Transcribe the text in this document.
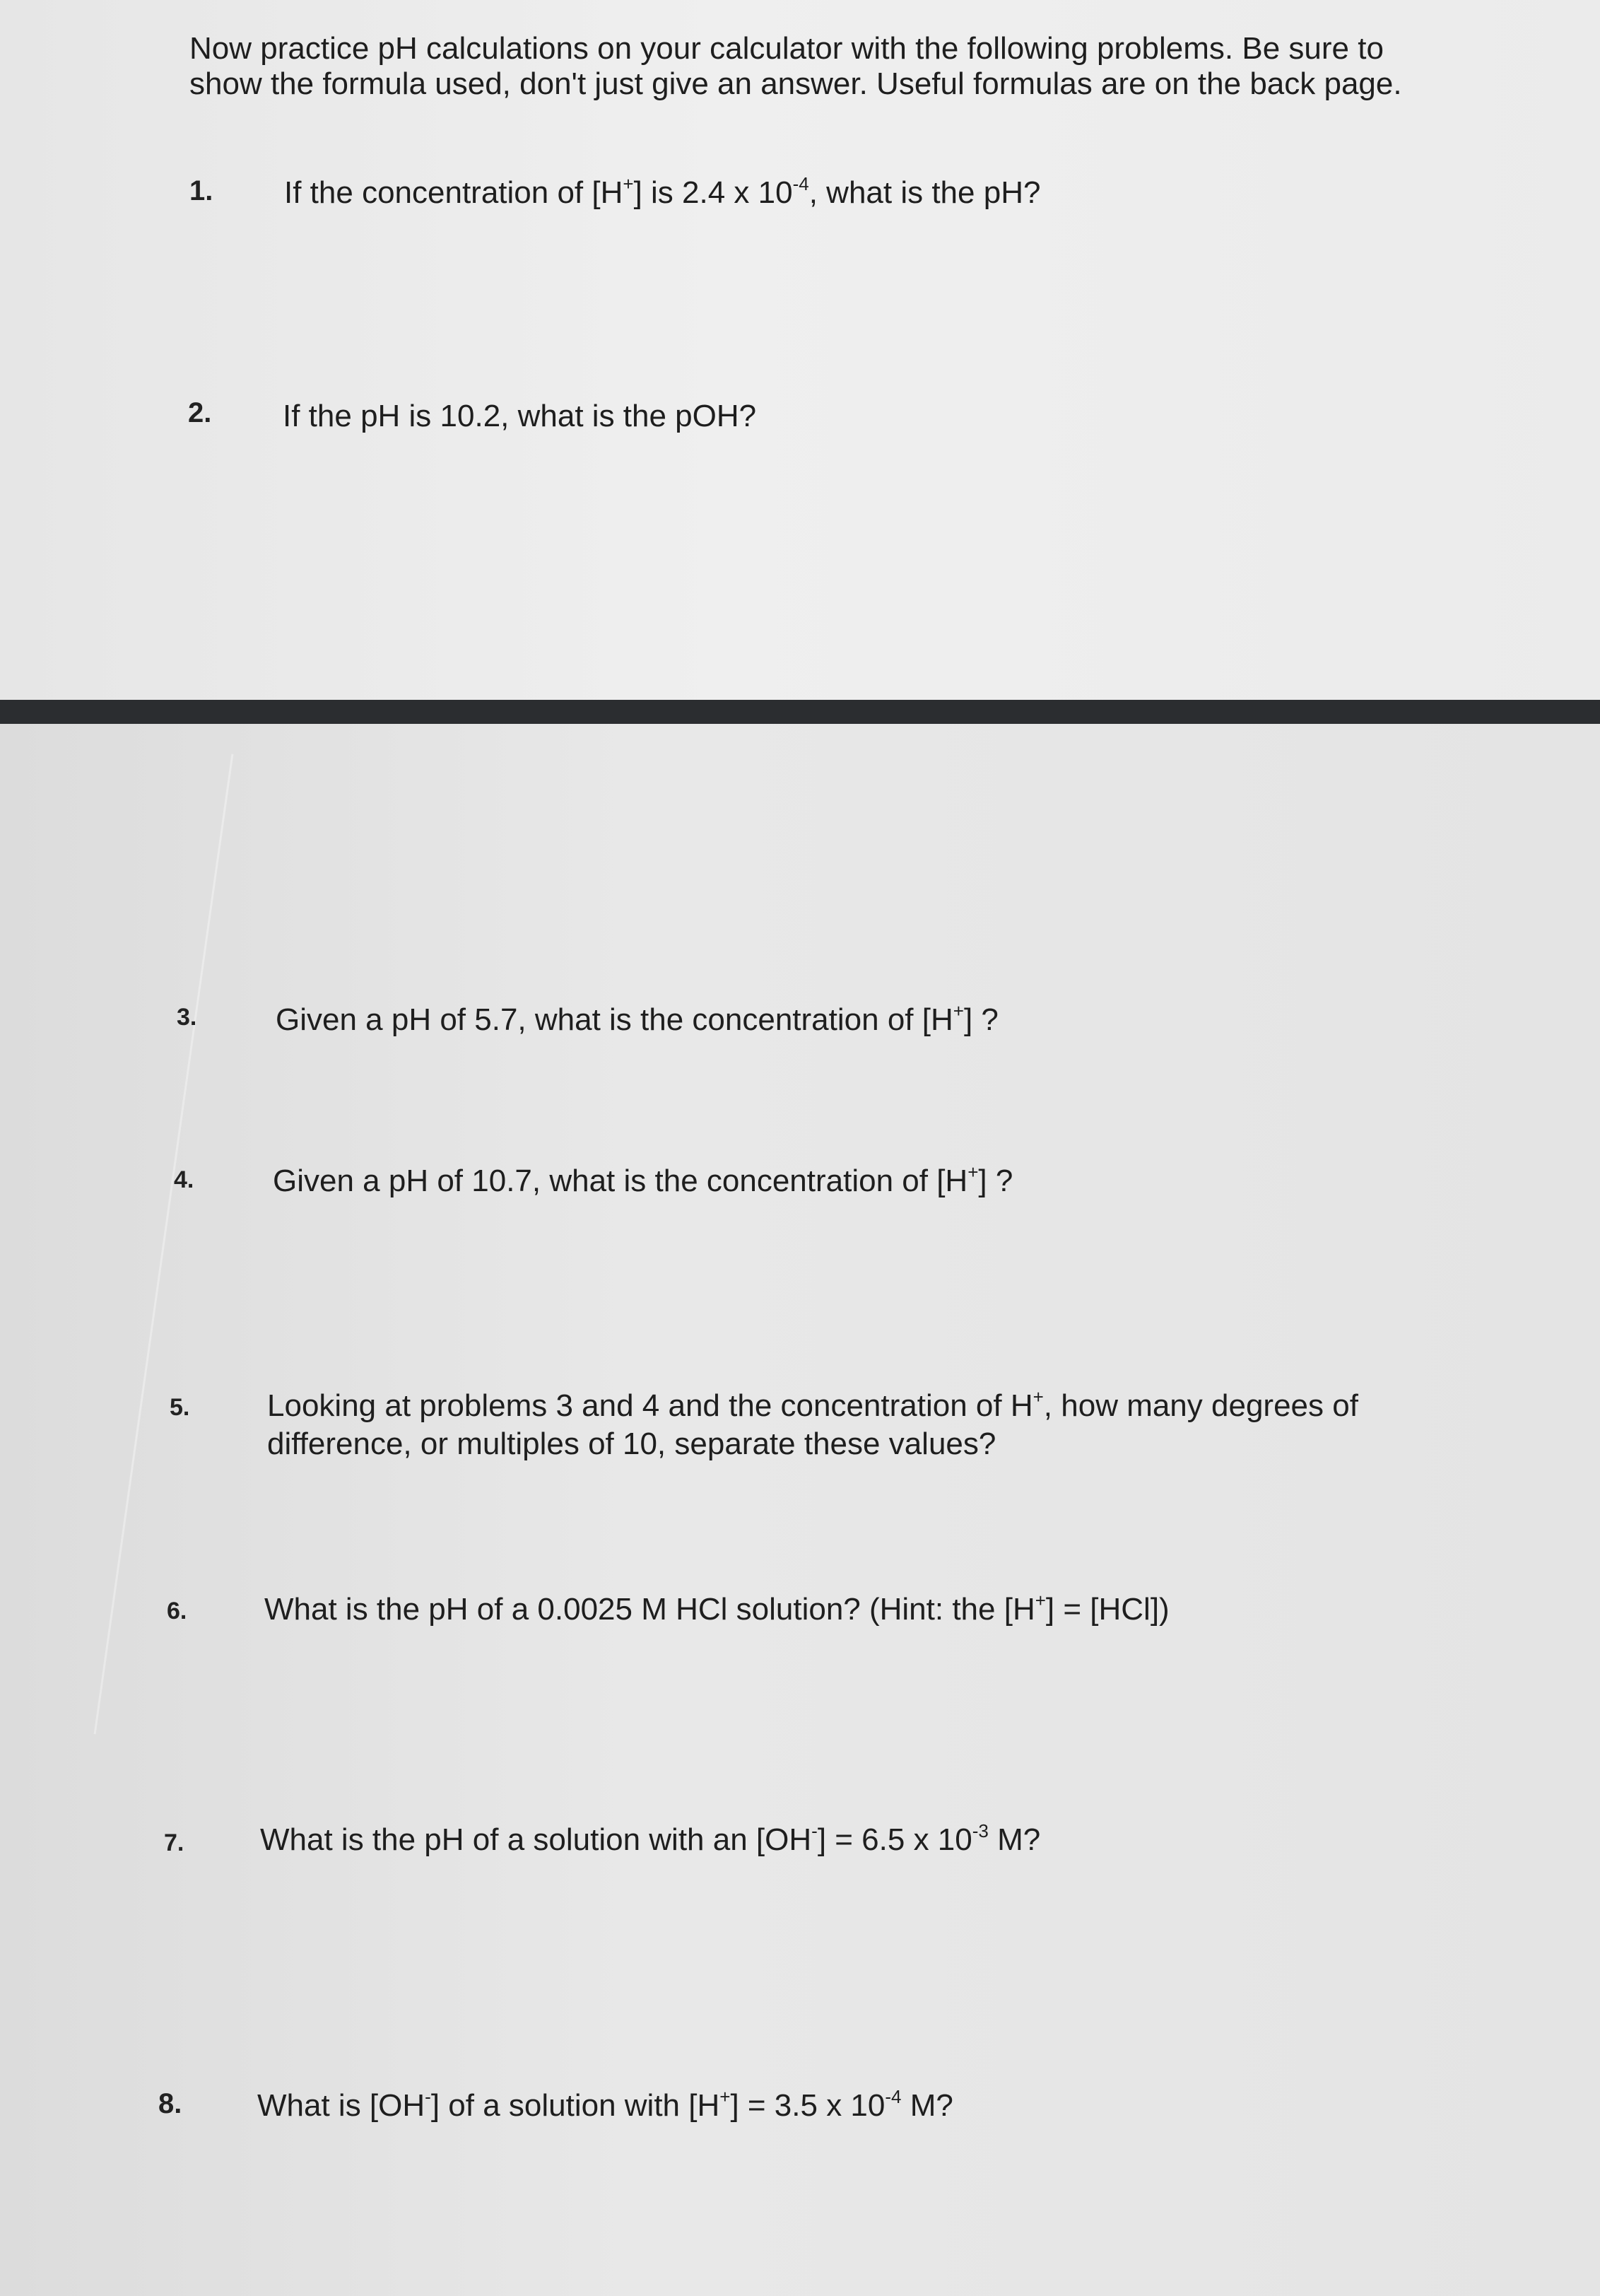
Now practice pH calculations on your calculator with the following problems. Be sure to show the formula used, don't just give an answer. Useful formulas are on the back page.
1. If the concentration of [H+] is 2.4 x $10^{-4}$, what is the pH?
2. If the pH is 10.2, what is the pOH?
3.	Given a pH of 5.7, what is the concentration of [H+] ?
4.	Given a pH of 10.7, what is the concentration of [H+] ?
5. Looking at problems 3 and 4 and the concentration of H+, how many degrees of difference, or multiples of 10, separate these values?
6. What is the pH of a 0.0025 M HCl solution? (Hint: the [H+] = [HCl])
7. What is the pH of a solution with an [OH-] = 6.5 x $10^{-3}$ M?
8. What is [OH-] of a solution with [H+] = 3.5 x $10^{-4}$ M?
